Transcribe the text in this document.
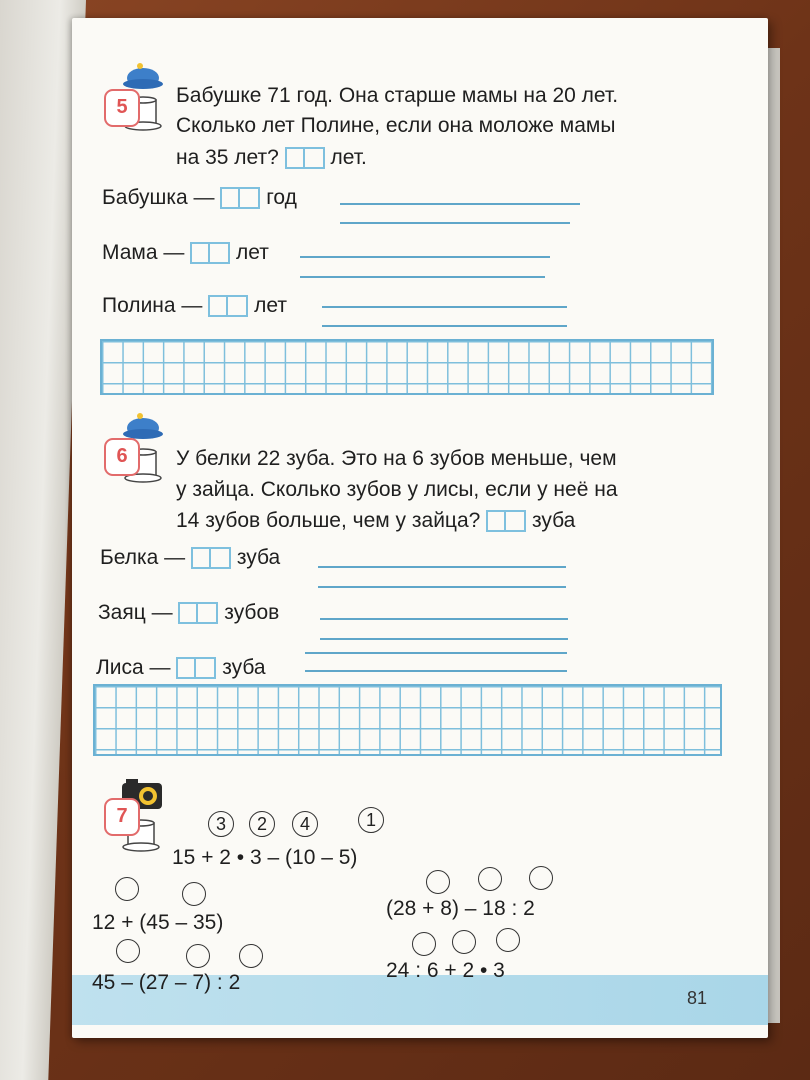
81
5	Бабушке 71 год. Она старше мамы на 20 лет.
Сколько лет Полине, если она моложе мамы
на 35 лет? лет.
Бабушка — год
Мама — лет
Полина — лет
6	У белки 22 зуба. Это на 6 зубов меньше, чем
у зайца. Сколько зубов у лисы, если у неё на
14 зубов больше, чем у зайца? зуба
Белка — зуба
Заяц — зубов
Лиса — зуба
7	3	2	4	1
15 + 2 • 3 – (10 – 5)
12 + (45 – 35)
(28 + 8) – 18 : 2
45 – (27 – 7) : 2
24 : 6 + 2 • 3
